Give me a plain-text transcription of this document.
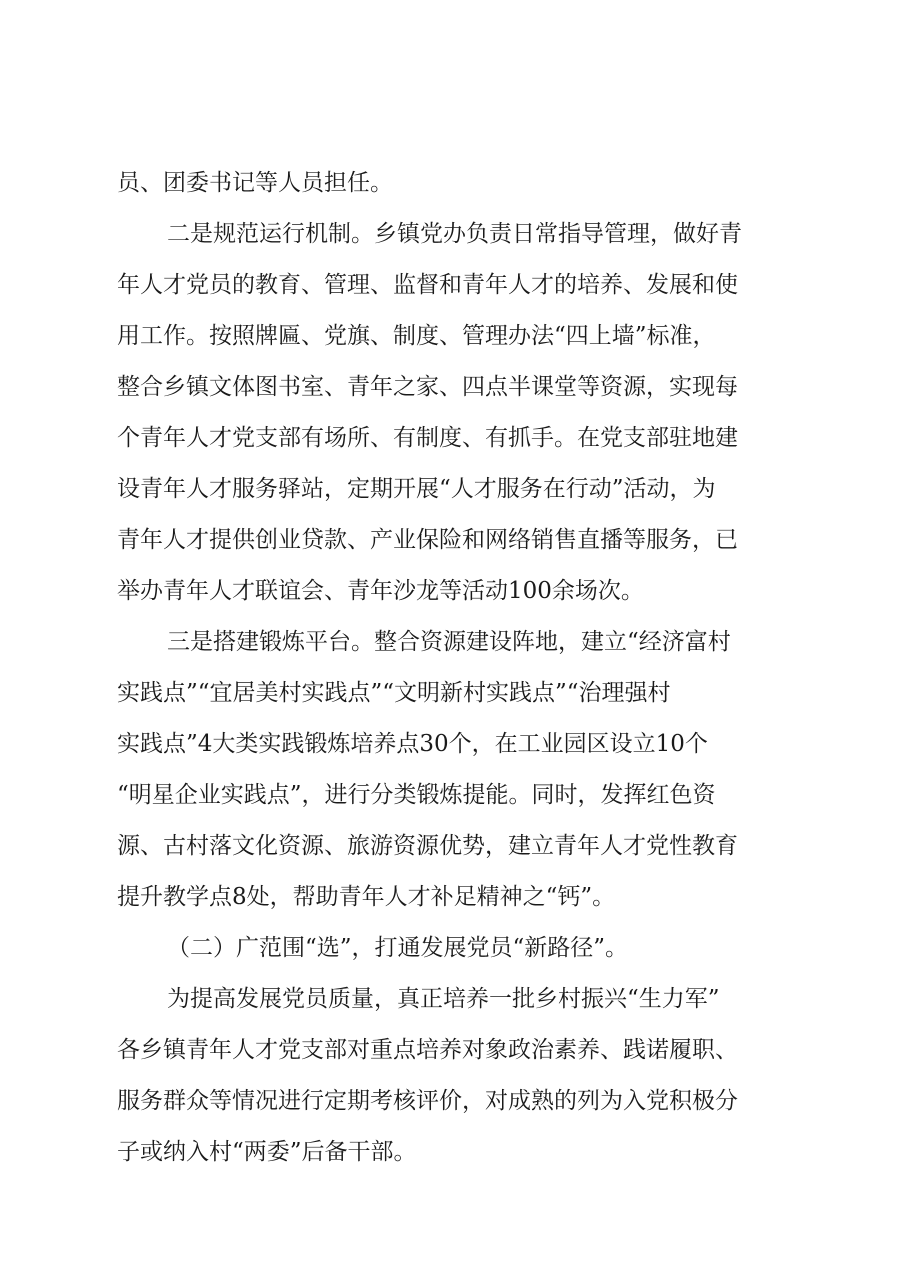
员、团委书记等人员担任。
二是规范运行机制。乡镇党办负责日常指导管理，做好青
年人才党员的教育、管理、监督和青年人才的培养、发展和使
用工作。按照牌匾、党旗、制度、管理办法“四上墙”标准，
整合乡镇文体图书室、青年之家、四点半课堂等资源，实现每
个青年人才党支部有场所、有制度、有抓手。在党支部驻地建
设青年人才服务驿站，定期开展“人才服务在行动”活动，为
青年人才提供创业贷款、产业保险和网络销售直播等服务，已
举办青年人才联谊会、青年沙龙等活动100余场次。
三是搭建锻炼平台。整合资源建设阵地，建立“经济富村
实践点”“宜居美村实践点”“文明新村实践点”“治理强村
实践点”4大类实践锻炼培养点30个，在工业园区设立10个
“明星企业实践点”，进行分类锻炼提能。同时，发挥红色资
源、古村落文化资源、旅游资源优势，建立青年人才党性教育
提升教学点8处，帮助青年人才补足精神之“钙”。
（二）广范围“选”，打通发展党员“新路径”。
为提高发展党员质量，真正培养一批乡村振兴“生力军”
各乡镇青年人才党支部对重点培养对象政治素养、践诺履职、
服务群众等情况进行定期考核评价，对成熟的列为入党积极分
子或纳入村“两委”后备干部。
